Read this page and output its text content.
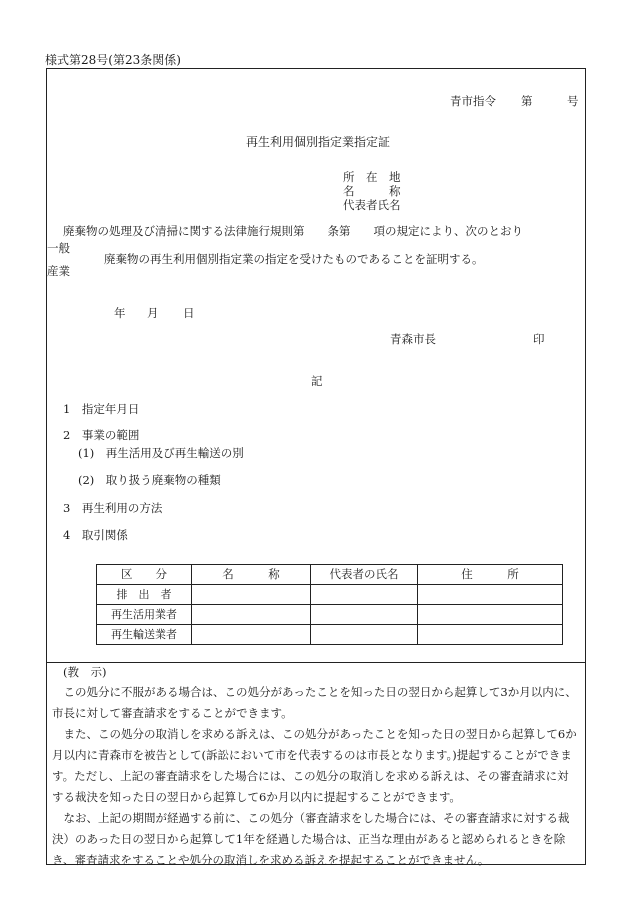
様式第28号(第23条関係)
青市指令 第	号
再生利用個別指定業指定証
所　在　地
名　　　称
代表者氏名
廃棄物の処理及び清掃に関する法律施行規則第　　条第　　項の規定により、次のとおり
一般
廃棄物の再生利用個別指定業の指定を受けたものであることを証明する。
産業
年 月 日
青森市長	印
記
1　指定年月日
2　事業の範囲
(1)　再生活用及び再生輸送の別
(2)　取り扱う廃棄物の種類
3　再生利用の方法
4　取引関係
区　　分	名　　　称	代表者の氏名	住　　　所
排　出　者			
再生活用業者			
再生輸送業者			
(教　示)
この処分に不服がある場合は、この処分があったことを知った日の翌日から起算して3か月以内に、市長に対して審査請求をすることができます。
また、この処分の取消しを求める訴えは、この処分があったことを知った日の翌日から起算して6か月以内に青森市を被告として(訴訟において市を代表するのは市長となります。)提起することができます。ただし、上記の審査請求をした場合には、この処分の取消しを求める訴えは、その審査請求に対する裁決を知った日の翌日から起算して6か月以内に提起することができます。
なお、上記の期間が経過する前に、この処分（審査請求をした場合には、その審査請求に対する裁決）のあった日の翌日から起算して1年を経過した場合は、正当な理由があると認められるときを除き、審査請求をすることや処分の取消しを求める訴えを提起することができません。
